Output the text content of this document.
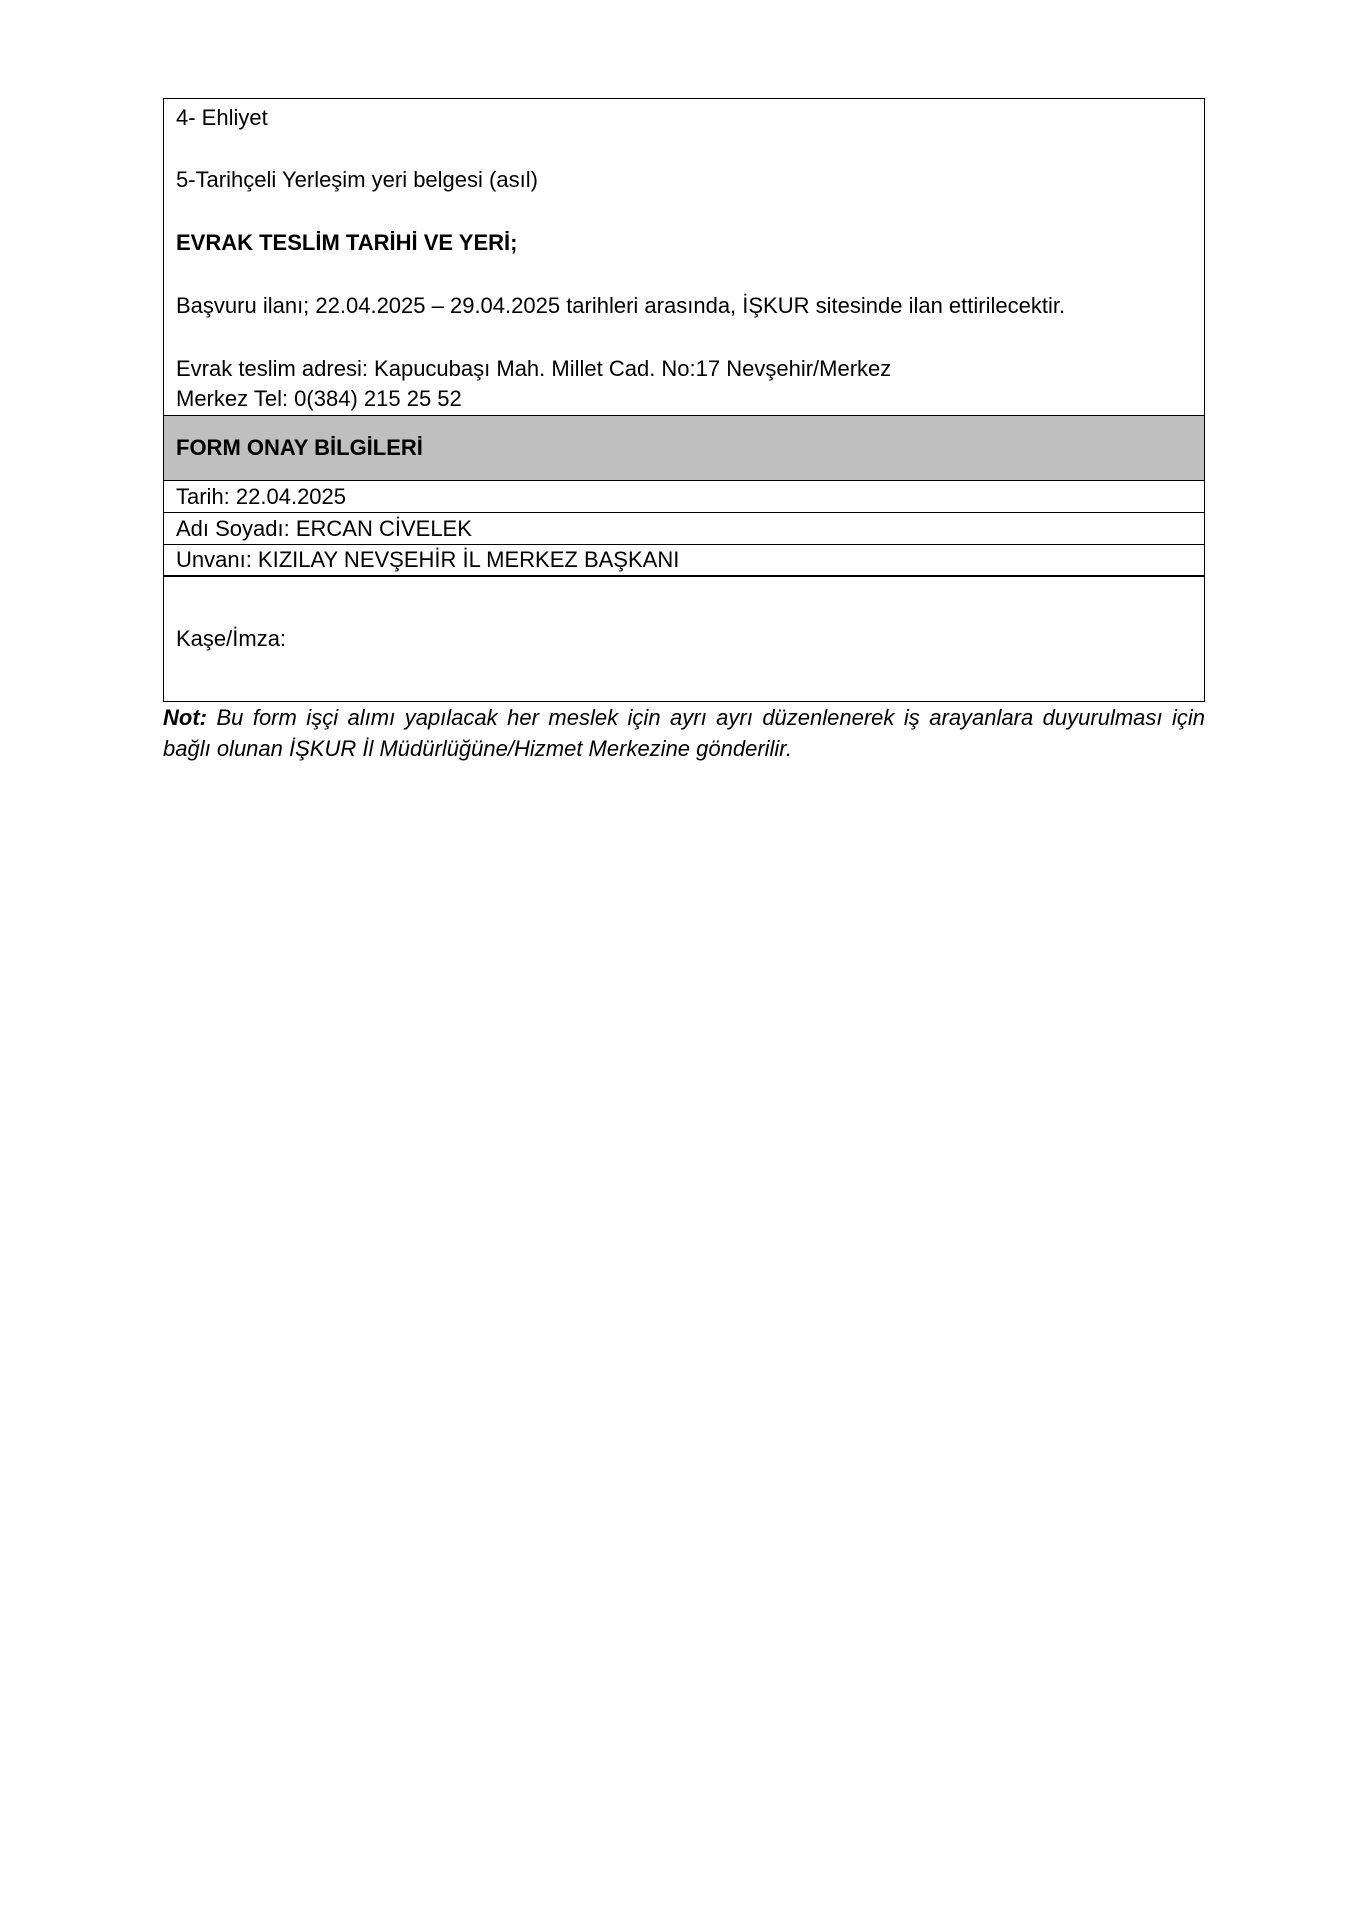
4- Ehliyet
5-Tarihçeli Yerleşim yeri belgesi (asıl)
EVRAK TESLİM TARİHİ VE YERİ;
Başvuru ilanı; 22.04.2025 – 29.04.2025 tarihleri arasında, İŞKUR sitesinde ilan ettirilecektir.
Evrak teslim adresi: Kapucubaşı Mah. Millet Cad. No:17 Nevşehir/Merkez
Merkez Tel: 0(384) 215 25 52
FORM ONAY BİLGİLERİ
Tarih: 22.04.2025
Adı Soyadı: ERCAN CİVELEK
Unvanı: KIZILAY NEVŞEHİR İL MERKEZ BAŞKANI
Kaşe/İmza:
Not: Bu form işçi alımı yapılacak her meslek için ayrı ayrı düzenlenerek iş arayanlara duyurulması için bağlı olunan İŞKUR İl Müdürlüğüne/Hizmet Merkezine gönderilir.
